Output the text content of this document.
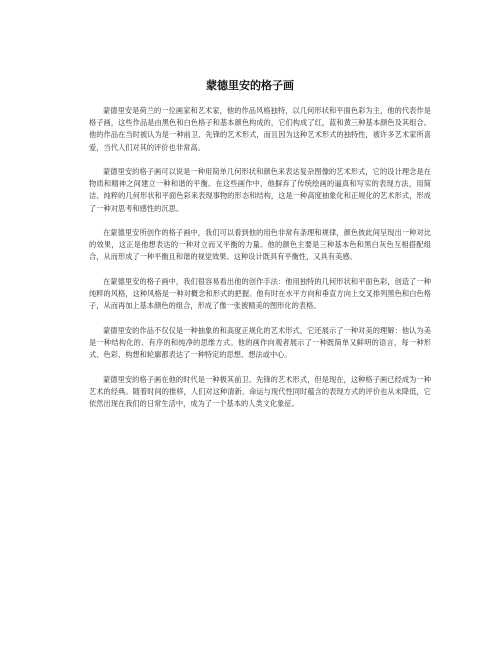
蒙德里安的格子画

蒙德里安是荷兰的一位画家和艺术家，他的作品风格独特，以几何形状和平面色彩为主，他的代表作是格子画，这些作品是由黑色和白色格子和基本颜色构成的，它们构成了红，蓝和黄三种基本颜色及其组合。他的作品在当时被认为是一种前卫、先锋的艺术形式，而且因为这种艺术形式的独特性，被许多艺术家所喜爱，当代人们对其的评价也非常高。

蒙德里安的格子画可以说是一种用简单几何形状和颜色来表达复杂图像的艺术形式，它的设计理念是在物质和精神之间建立一种和谐的平衡。在这些画作中，他摒弃了传统绘画的逼真和写实的表现方法，用简洁、纯粹的几何形状和平面色彩来表现事物的形态和结构，这是一种高度抽象化和正规化的艺术形式，形成了一种对思考和感性的沉思。

在蒙德里安所创作的格子画中，我们可以看到他的用色非常有条理和规律，颜色彼此间呈现出一种对比的效果，这正是他想表达的一种对立而又平衡的力量。他的颜色主要是三种基本色和黑白灰色互相搭配组合，从而形成了一种平衡且和谐的视觉效果。这种设计既具有平衡性，又具有美感。

在蒙德里安的格子画中，我们很容易看出他的创作手法：他用独特的几何形状和平面色彩，创造了一种纯粹的风格，这种风格是一种对概念和形式的把握。他有时在水平方向和垂直方向上交叉排列黑色和白色格子，从而再加上基本颜色的组合，形成了像一张被精美的图形化的表格。

蒙德里安的作品不仅仅是一种抽象的和高度正规化的艺术形式，它还展示了一种对美的理解：他认为美是一种结构化的、有序的和纯净的思维方式。他的画作向观者展示了一种既简单又鲜明的语言，每一种形式、色彩、构想和轮廓都表达了一种特定的思想、想法或中心。

蒙德里安的格子画在他的时代是一种极其前卫、先锋的艺术形式，但是现在，这种格子画已经成为一种艺术的经典。随着时间的推移，人们对这种清新、命运与现代性同时蕴含的表现方式的评价也从未降低，它依然出现在我们的日常生活中，成为了一个基本的人类文化象征。
